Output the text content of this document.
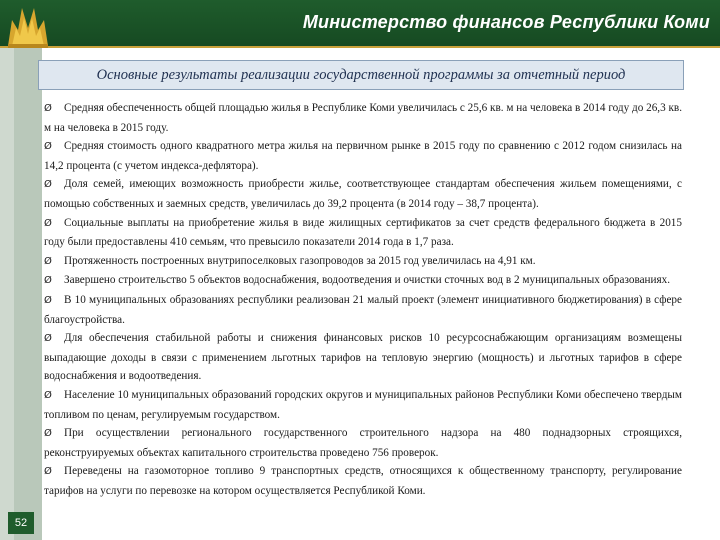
Министерство финансов Республики Коми
52
Основные результаты реализации государственной программы за отчетный период

Ø Средняя обеспеченность общей площадью жилья в Республике Коми увеличилась с 25,6 кв. м на человека в 2014 году до 26,3 кв. м на человека в 2015 году.

Ø Средняя стоимость одного квадратного метра жилья на первичном рынке в 2015 году по сравнению с 2012 годом снизилась на 14,2 процента (с учетом индекса-дефлятора).

Ø Доля семей, имеющих возможность приобрести жилье, соответствующее стандартам обеспечения жильем помещениями, с помощью собственных и заемных средств, увеличилась до 39,2 процента (в 2014 году – 38,7 процента).

Ø Социальные выплаты на приобретение жилья в виде жилищных сертификатов за счет средств федерального бюджета в 2015 году были предоставлены 410 семьям, что превысило показатели 2014 года в 1,7 раза.

Ø Протяженность построенных внутрипоселковых газопроводов за 2015 год увеличилась на 4,91 км.

Ø Завершено строительство 5 объектов водоснабжения, водоотведения и очистки сточных вод в 2 муниципальных образованиях.

Ø В 10 муниципальных образованиях республики реализован 21 малый проект (элемент инициативного бюджетирования) в сфере благоустройства.

Ø Для обеспечения стабильной работы и снижения финансовых рисков 10 ресурсоснабжающим организациям возмещены выпадающие доходы в связи с применением льготных тарифов на тепловую энергию (мощность) и льготных тарифов в сфере водоснабжения и водоотведения.

Ø Население 10 муниципальных образований городских округов и муниципальных районов Республики Коми обеспечено твердым топливом по ценам, регулируемым государством.

Ø При осуществлении регионального государственного строительного надзора на 480 поднадзорных строящихся, реконструируемых объектах капитального строительства проведено 756 проверок.

Ø Переведены на газомоторное топливо 9 транспортных средств, относящихся к общественному транспорту, регулирование тарифов на услуги по перевозке на котором осуществляется Республикой Коми.
